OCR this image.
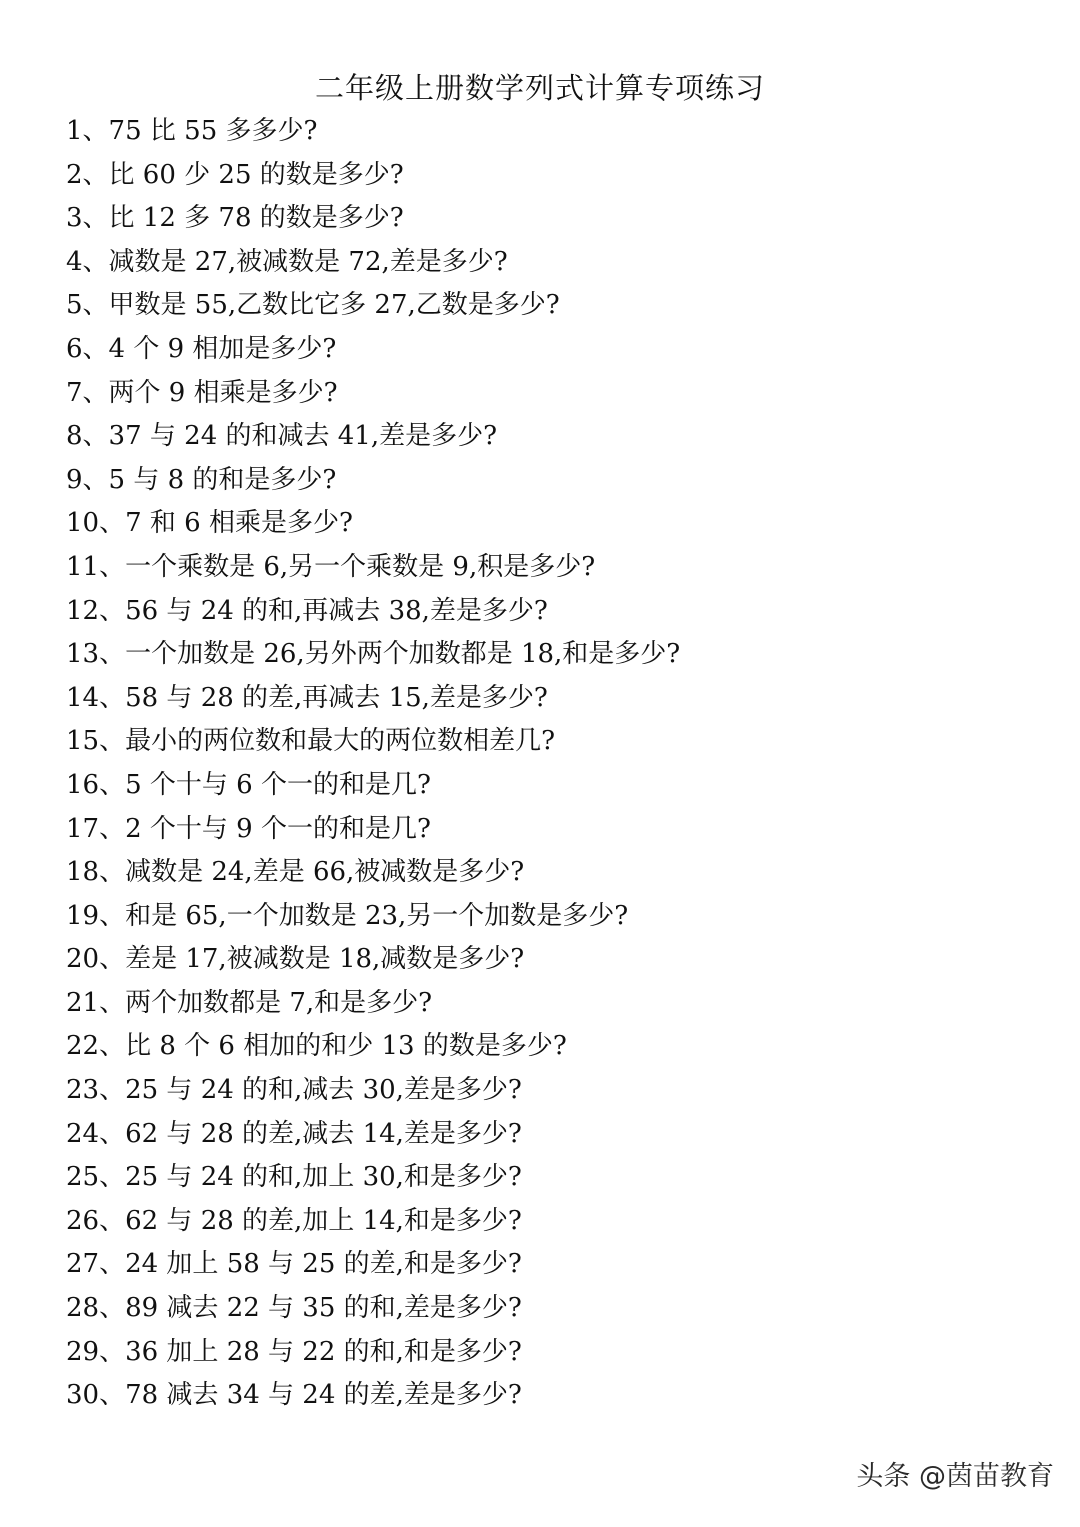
二年级上册数学列式计算专项练习
1、75 比 55 多多少?
2、比 60 少 25 的数是多少?
3、比 12 多 78 的数是多少?
4、减数是 27,被减数是 72,差是多少?
5、甲数是 55,乙数比它多 27,乙数是多少?
6、4 个 9 相加是多少?
7、两个 9 相乘是多少?
8、37 与 24 的和减去 41,差是多少?
9、5 与 8 的和是多少?
10、7 和 6 相乘是多少?
11、一个乘数是 6,另一个乘数是 9,积是多少?
12、56 与 24 的和,再减去 38,差是多少?
13、一个加数是 26,另外两个加数都是 18,和是多少?
14、58 与 28 的差,再减去 15,差是多少?
15、最小的两位数和最大的两位数相差几?
16、5 个十与 6 个一的和是几?
17、2 个十与 9 个一的和是几?
18、减数是 24,差是 66,被减数是多少?
19、和是 65,一个加数是 23,另一个加数是多少?
20、差是 17,被减数是 18,减数是多少?
21、两个加数都是 7,和是多少?
22、比 8 个 6 相加的和少 13 的数是多少?
23、25 与 24 的和,减去 30,差是多少?
24、62 与 28 的差,减去 14,差是多少?
25、25 与 24 的和,加上 30,和是多少?
26、62 与 28 的差,加上 14,和是多少?
27、24 加上 58 与 25 的差,和是多少?
28、89 减去 22 与 35 的和,差是多少?
29、36 加上 28 与 22 的和,和是多少?
30、78 减去 34 与 24 的差,差是多少?
头条 @茵苗教育
